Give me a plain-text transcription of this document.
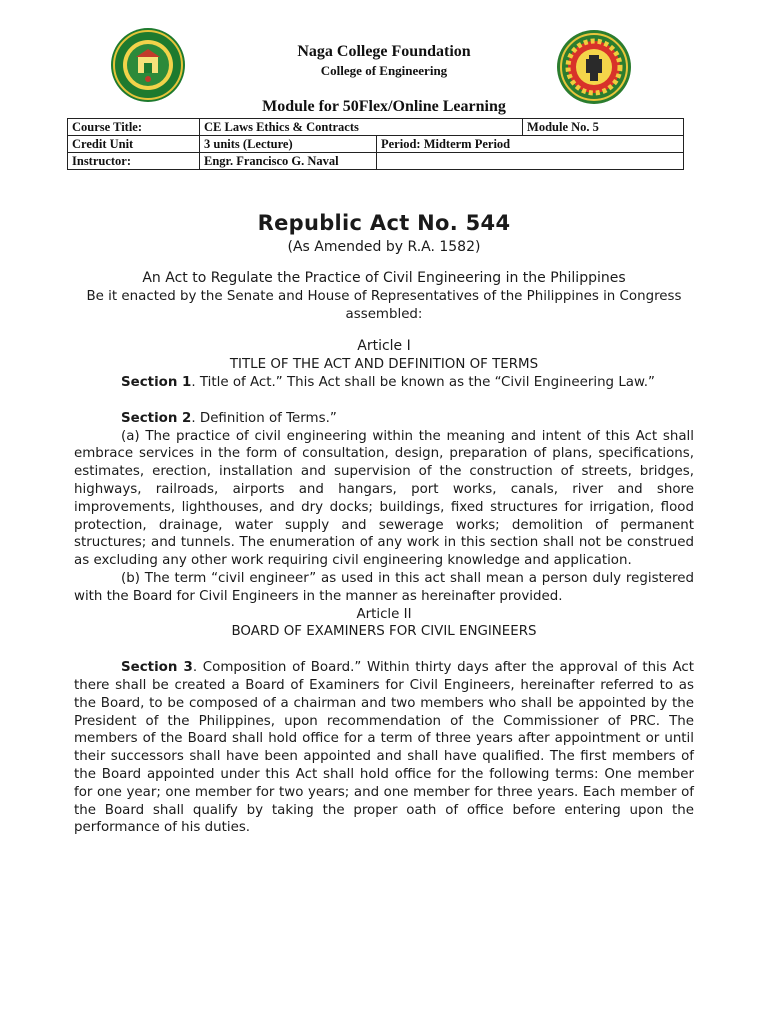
Naga College Foundation
College of Engineering
Module for 50Flex/Online Learning
Course Title:	CE Laws Ethics & Contracts		Module No. 5
Credit Unit	3 units (Lecture)	Period: Midterm Period	
Instructor:	Engr. Francisco G. Naval		

Republic Act No. 544

(As Amended by R.A. 1582)

An Act to Regulate the Practice of Civil Engineering in the Philippines

Be it enacted by the Senate and House of Representatives of the Philippines in Congress assembled:

Article I

TITLE OF THE ACT AND DEFINITION OF TERMS

Section 1. Title of Act.” This Act shall be known as the “Civil Engineering Law.”

Section 2. Definition of Terms.”

(a) The practice of civil engineering within the meaning and intent of this Act shall embrace services in the form of consultation, design, preparation of plans, specifications, estimates, erection, installation and supervision of the construction of streets, bridges, highways, railroads, airports and hangars, port works, canals, river and shore improvements, lighthouses, and dry docks; buildings, fixed structures for irrigation, flood protection, drainage, water supply and sewerage works; demolition of permanent structures; and tunnels. The enumeration of any work in this section shall not be construed as excluding any other work requiring civil engineering knowledge and application.

(b) The term “civil engineer” as used in this act shall mean a person duly registered with the Board for Civil Engineers in the manner as hereinafter provided.

Article II

BOARD OF EXAMINERS FOR CIVIL ENGINEERS

Section 3. Composition of Board.” Within thirty days after the approval of this Act there shall be created a Board of Examiners for Civil Engineers, hereinafter referred to as the Board, to be composed of a chairman and two members who shall be appointed by the President of the Philippines, upon recommendation of the Commissioner of PRC. The members of the Board shall hold office for a term of three years after appointment or until their successors shall have been appointed and shall have qualified. The first members of the Board appointed under this Act shall hold office for the following terms: One member for one year; one member for two years; and one member for three years. Each member of the Board shall qualify by taking the proper oath of office before entering upon the performance of his duties.
